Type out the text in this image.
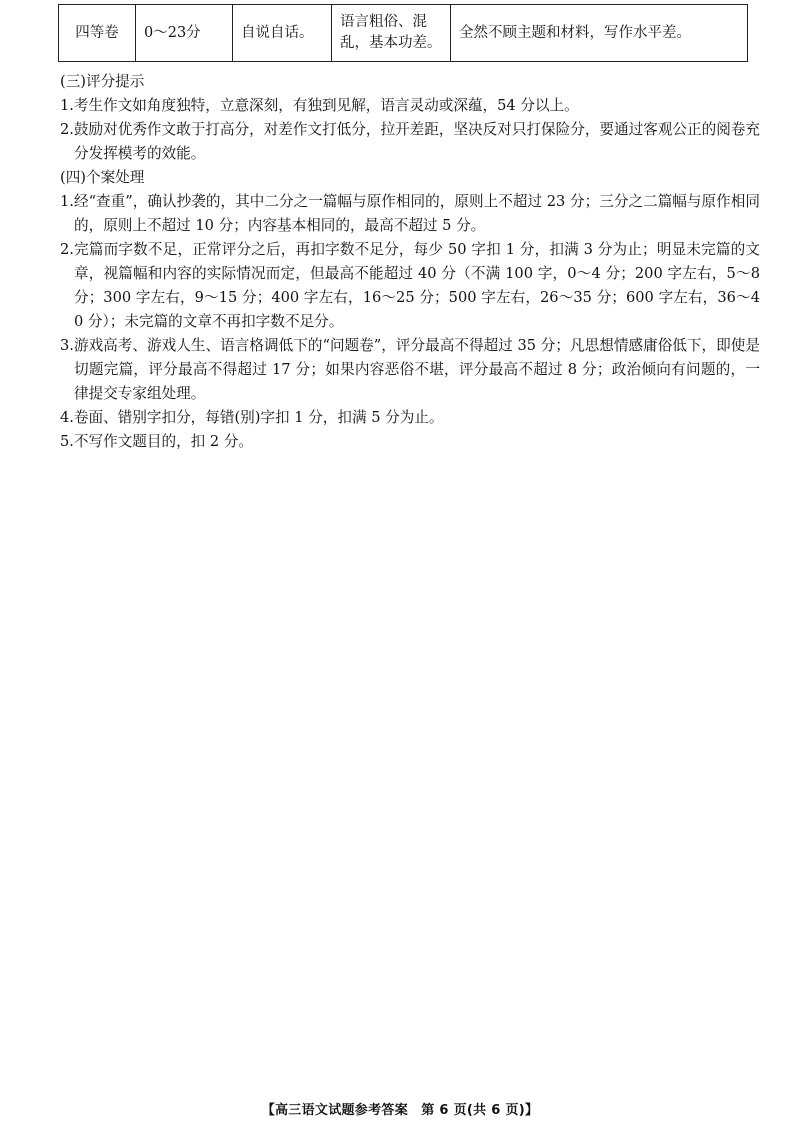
四等卷	0～23分	自说自话。	语言粗俗、混乱，基本功差。	全然不顾主题和材料，写作水平差。

(三)评分提示

1.考生作文如角度独特，立意深刻，有独到见解，语言灵动或深蕴，54 分以上。

2.鼓励对优秀作文敢于打高分，对差作文打低分，拉开差距，坚决反对只打保险分，要通过客观公正的阅卷充分发挥模考的效能。

(四)个案处理

1.经“查重”，确认抄袭的，其中二分之一篇幅与原作相同的，原则上不超过 23 分；三分之二篇幅与原作相同的，原则上不超过 10 分；内容基本相同的，最高不超过 5 分。

2.完篇而字数不足，正常评分之后，再扣字数不足分，每少 50 字扣 1 分，扣满 3 分为止；明显未完篇的文章，视篇幅和内容的实际情况而定，但最高不能超过 40 分（不满 100 字，0～4 分；200 字左右，5～8 分；300 字左右，9～15 分；400 字左右，16～25 分；500 字左右，26～35 分；600 字左右，36～40 分）；未完篇的文章不再扣字数不足分。

3.游戏高考、游戏人生、语言格调低下的“问题卷”，评分最高不得超过 35 分；凡思想情感庸俗低下，即使是切题完篇，评分最高不得超过 17 分；如果内容恶俗不堪，评分最高不超过 8 分；政治倾向有问题的，一律提交专家组处理。

4.卷面、错别字扣分，每错(别)字扣 1 分，扣满 5 分为止。

5.不写作文题目的，扣 2 分。

【高三语文试题参考答案　第 6 页(共 6 页)】
